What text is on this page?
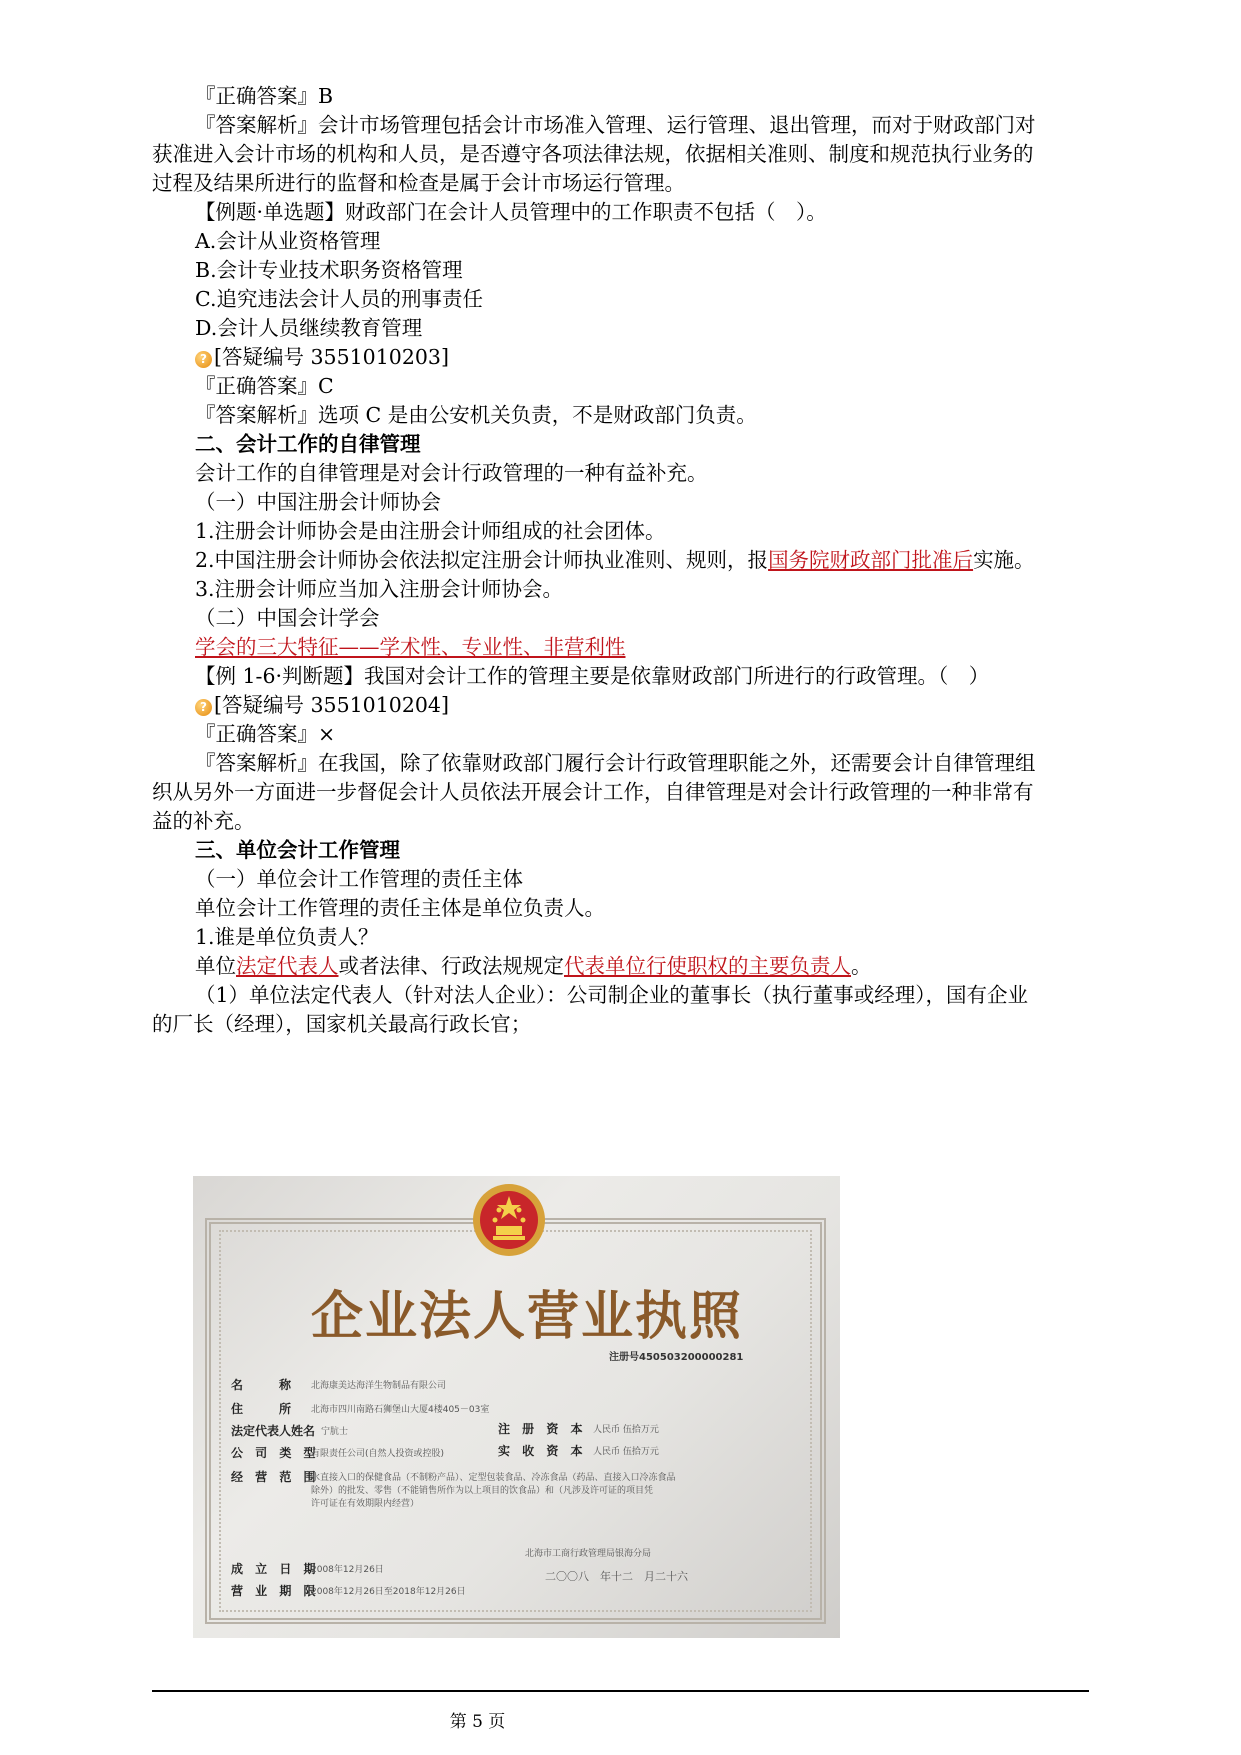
『正确答案』B
『答案解析』会计市场管理包括会计市场准入管理、运行管理、退出管理，而对于财政部门对
获准进入会计市场的机构和人员，是否遵守各项法律法规，依据相关准则、制度和规范执行业务的
过程及结果所进行的监督和检查是属于会计市场运行管理。
【例题·单选题】财政部门在会计人员管理中的工作职责不包括（　）。
A.会计从业资格管理
B.会计专业技术职务资格管理
C.追究违法会计人员的刑事责任
D.会计人员继续教育管理
? [答疑编号 3551010203]
『正确答案』C
『答案解析』选项 C 是由公安机关负责，不是财政部门负责。
二、会计工作的自律管理
会计工作的自律管理是对会计行政管理的一种有益补充。
（一）中国注册会计师协会
1.注册会计师协会是由注册会计师组成的社会团体。
2.中国注册会计师协会依法拟定注册会计师执业准则、规则，报国务院财政部门批准后实施。
3.注册会计师应当加入注册会计师协会。
（二）中国会计学会
学会的三大特征——学术性、专业性、非营利性
【例 1-6·判断题】我国对会计工作的管理主要是依靠财政部门所进行的行政管理。（　）
? [答疑编号 3551010204]
『正确答案』×
『答案解析』在我国，除了依靠财政部门履行会计行政管理职能之外，还需要会计自律管理组
织从另外一方面进一步督促会计人员依法开展会计工作，自律管理是对会计行政管理的一种非常有
益的补充。
三、单位会计工作管理
（一）单位会计工作管理的责任主体
单位会计工作管理的责任主体是单位负责人。
1.谁是单位负责人？
单位法定代表人或者法律、行政法规规定代表单位行使职权的主要负责人。
（1）单位法定代表人（针对法人企业）：公司制企业的董事长（执行董事或经理），国有企业
的厂长（经理），国家机关最高行政长官；
企业法人营业执照
注册号450503200000281
名　　称 北海康美达海洋生物制品有限公司
住　　所 北海市四川南路石狮堡山大厦4楼405－03室
法定代表人姓名 宁肮士	注 册 资 本 人民币 伍拾万元
公 司 类 型
有限责任公司(自然人投资或控股)	实 收 资 本 人民币 伍拾万元
经 营 范 围
水直接入口的保健食品（不制粉产品）、定型包装食品、冷冻食品（药品、直接入口冷冻食品
除外）的批发、零售（不能销售所作为以上项目的饮食品）和（凡涉及许可证的项目凭
许可证在有效期限内经营）
北海市工商行政管理局银海分局
二〇〇八　年十二　月二十六
成 立 日 期
2008年12月26日
营 业 期 限
2008年12月26日至2018年12月26日
第 5 页
